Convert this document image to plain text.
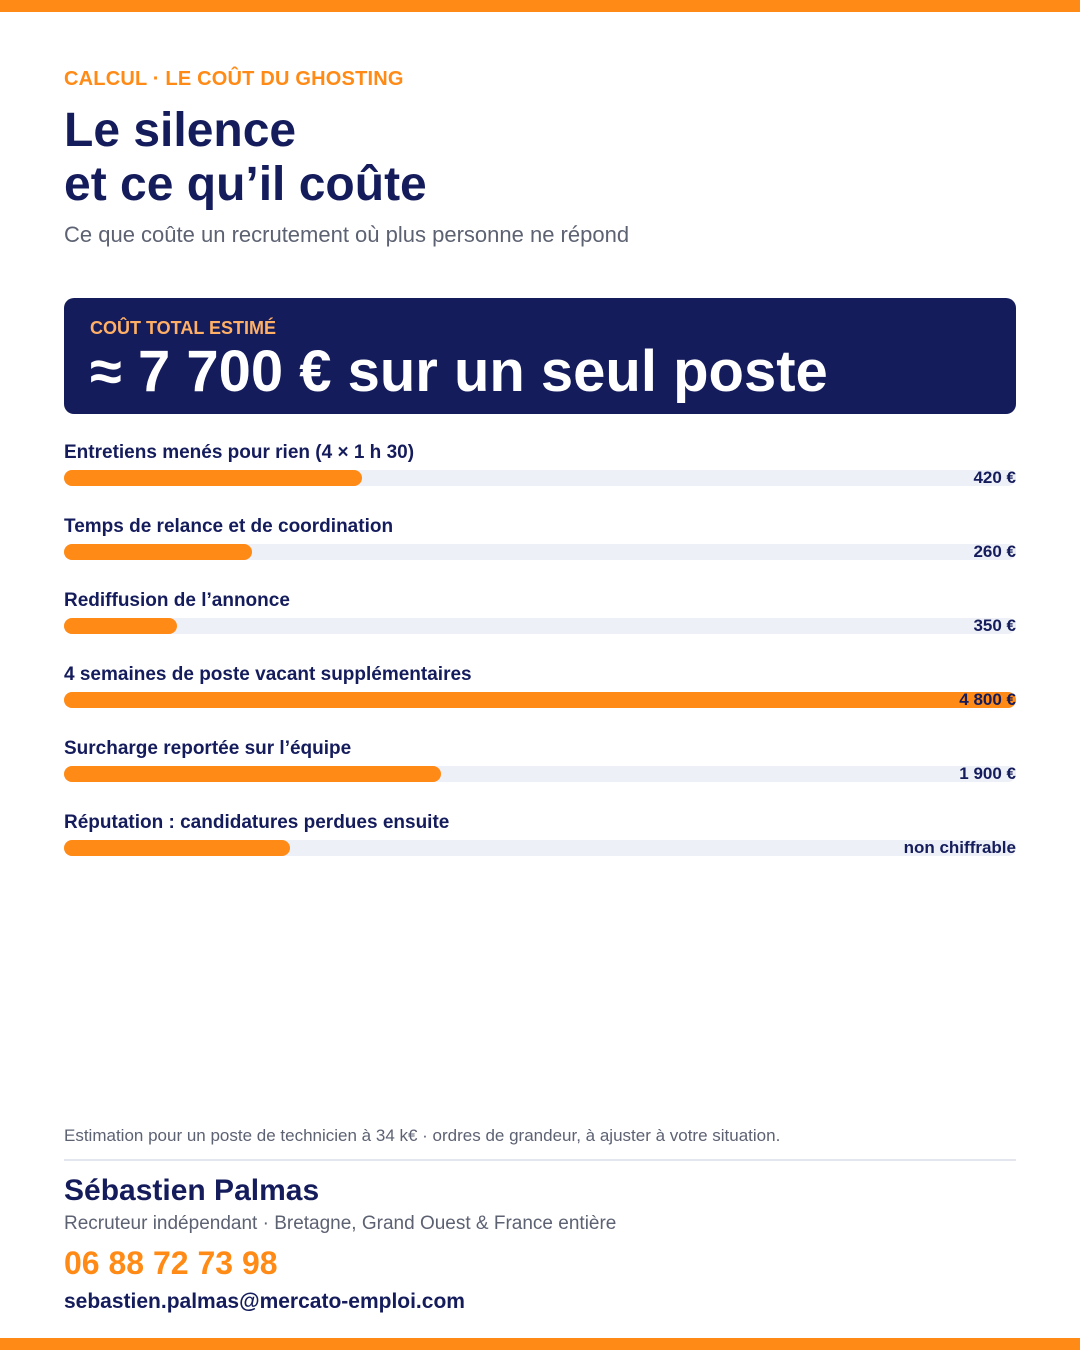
CALCUL · LE COÛT DU GHOSTING
Le silence
et ce qu’il coûte
Ce que coûte un recrutement où plus personne ne répond
COÛT TOTAL ESTIMÉ
≈ 7 700 € sur un seul poste
Entretiens menés pour rien (4 × 1 h 30)
420 €
Temps de relance et de coordination
260 €
Rediffusion de l’annonce
350 €
4 semaines de poste vacant supplémentaires
4 800 €
Surcharge reportée sur l’équipe
1 900 €
Réputation : candidatures perdues ensuite
non chiffrable
Estimation pour un poste de technicien à 34 k€ · ordres de grandeur, à ajuster à votre situation.
Sébastien Palmas
Recruteur indépendant · Bretagne, Grand Ouest & France entière
06 88 72 73 98
sebastien.palmas@mercato-emploi.com
